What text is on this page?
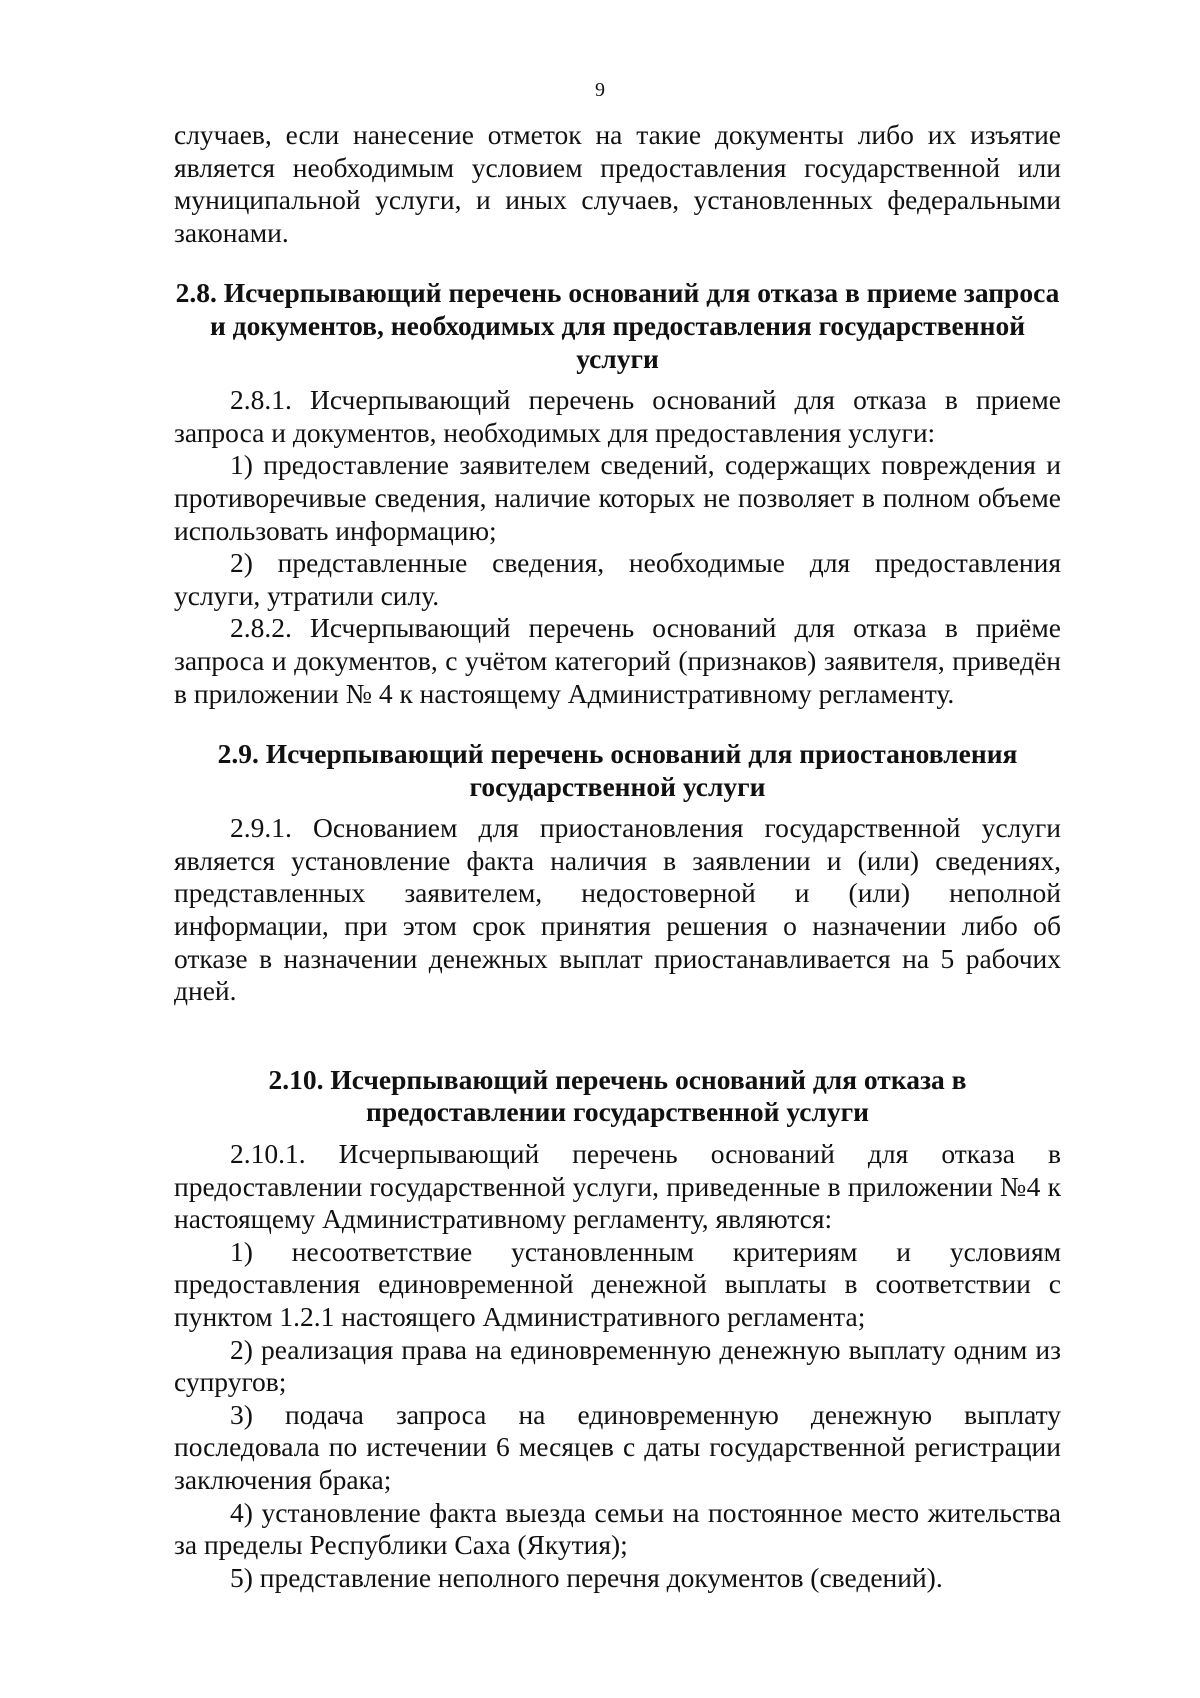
9

случаев, если нанесение отметок на такие документы либо их изъятие является необходимым условием предоставления государственной или муниципальной услуги, и иных случаев, установленных федеральными законами.

2.8. Исчерпывающий перечень оснований для отказа в приеме запроса и документов, необходимых для предоставления государственной услуги

2.8.1. Исчерпывающий перечень оснований для отказа в приеме запроса и документов, необходимых для предоставления услуги:

1) предоставление заявителем сведений, содержащих повреждения и противоречивые сведения, наличие которых не позволяет в полном объеме использовать информацию;

2) представленные сведения, необходимые для предоставления услуги, утратили силу.

2.8.2. Исчерпывающий перечень оснований для отказа в приёме запроса и документов, с учётом категорий (признаков) заявителя, приведён в приложении № 4 к настоящему Административному регламенту.

2.9. Исчерпывающий перечень оснований для приостановления государственной услуги

2.9.1. Основанием для приостановления государственной услуги является установление факта наличия в заявлении и (или) сведениях, представленных заявителем, недостоверной и (или) неполной информации, при этом срок принятия решения о назначении либо об отказе в назначении денежных выплат приостанавливается на 5 рабочих дней.

2.10. Исчерпывающий перечень оснований для отказа в предоставлении государственной услуги

2.10.1. Исчерпывающий перечень оснований для отказа в предоставлении государственной услуги, приведенные в приложении №4 к настоящему Административному регламенту, являются:

1) несоответствие установленным критериям и условиям предоставления единовременной денежной выплаты в соответствии с пунктом 1.2.1 настоящего Административного регламента;

2) реализация права на единовременную денежную выплату одним из супругов;

3) подача запроса на единовременную денежную выплату последовала по истечении 6 месяцев с даты государственной регистрации заключения брака;

4) установление факта выезда семьи на постоянное место жительства за пределы Республики Саха (Якутия);

5) представление неполного перечня документов (сведений).
